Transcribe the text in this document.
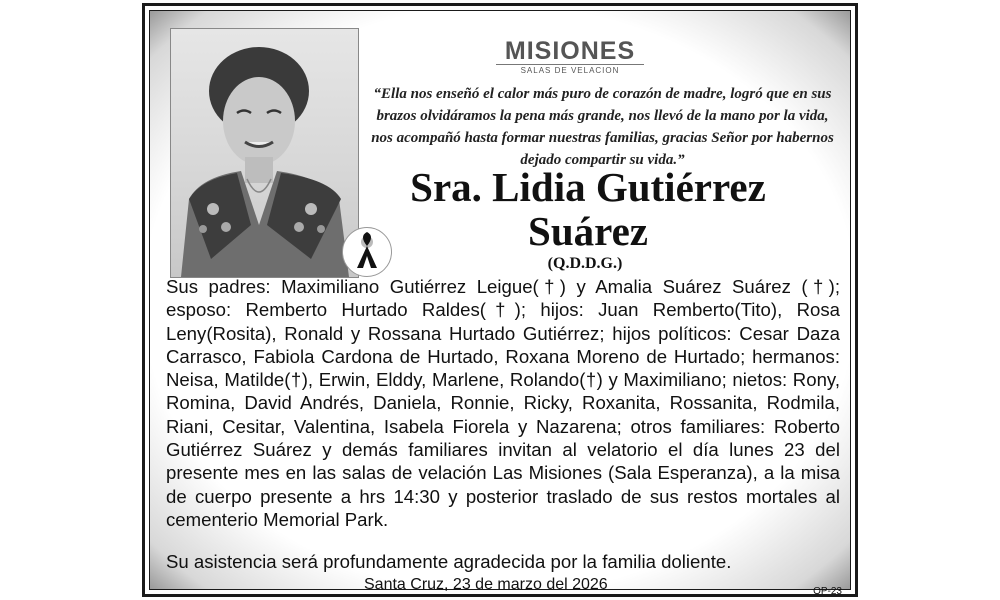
MISIONES
SALAS DE VELACION
“Ella nos enseñó el calor más puro de corazón de madre, logró que en sus brazos olvidáramos la pena más grande, nos llevó de la mano por la vida, nos acompañó hasta formar nuestras familias, gracias Señor por habernos dejado compartir su vida.”
Sra. Lidia Gutiérrez Suárez
(Q.D.D.G.)
Sus padres: Maximiliano Gutiérrez Leigue(†) y Amalia Suárez Suárez (†); esposo: Remberto Hurtado Raldes(†); hijos: Juan Remberto(Tito), Rosa Leny(Rosita), Ronald y Rossana Hurtado Gutiérrez; hijos políticos: Cesar Daza Carrasco, Fabiola Cardona de Hurtado, Roxana Moreno de Hurtado; hermanos: Neisa, Matilde(†), Erwin, Elddy, Marlene, Rolando(†) y Maximiliano; nietos: Rony, Romina, David Andrés, Daniela, Ronnie, Ricky, Roxanita, Rossanita, Rodmila, Riani, Cesitar, Valentina, Isabela Fiorela y Nazarena; otros familiares: Roberto Gutiérrez Suárez y demás familiares invitan al velatorio el día lunes 23 del presente mes en las salas de velación Las Misiones (Sala Esperanza), a la misa de cuerpo presente a hrs 14:30 y posterior traslado de sus restos mortales al cementerio Memorial Park.
Su asistencia será profundamente agradecida por la familia doliente.
Santa Cruz, 23 de marzo del 2026	OP-23
